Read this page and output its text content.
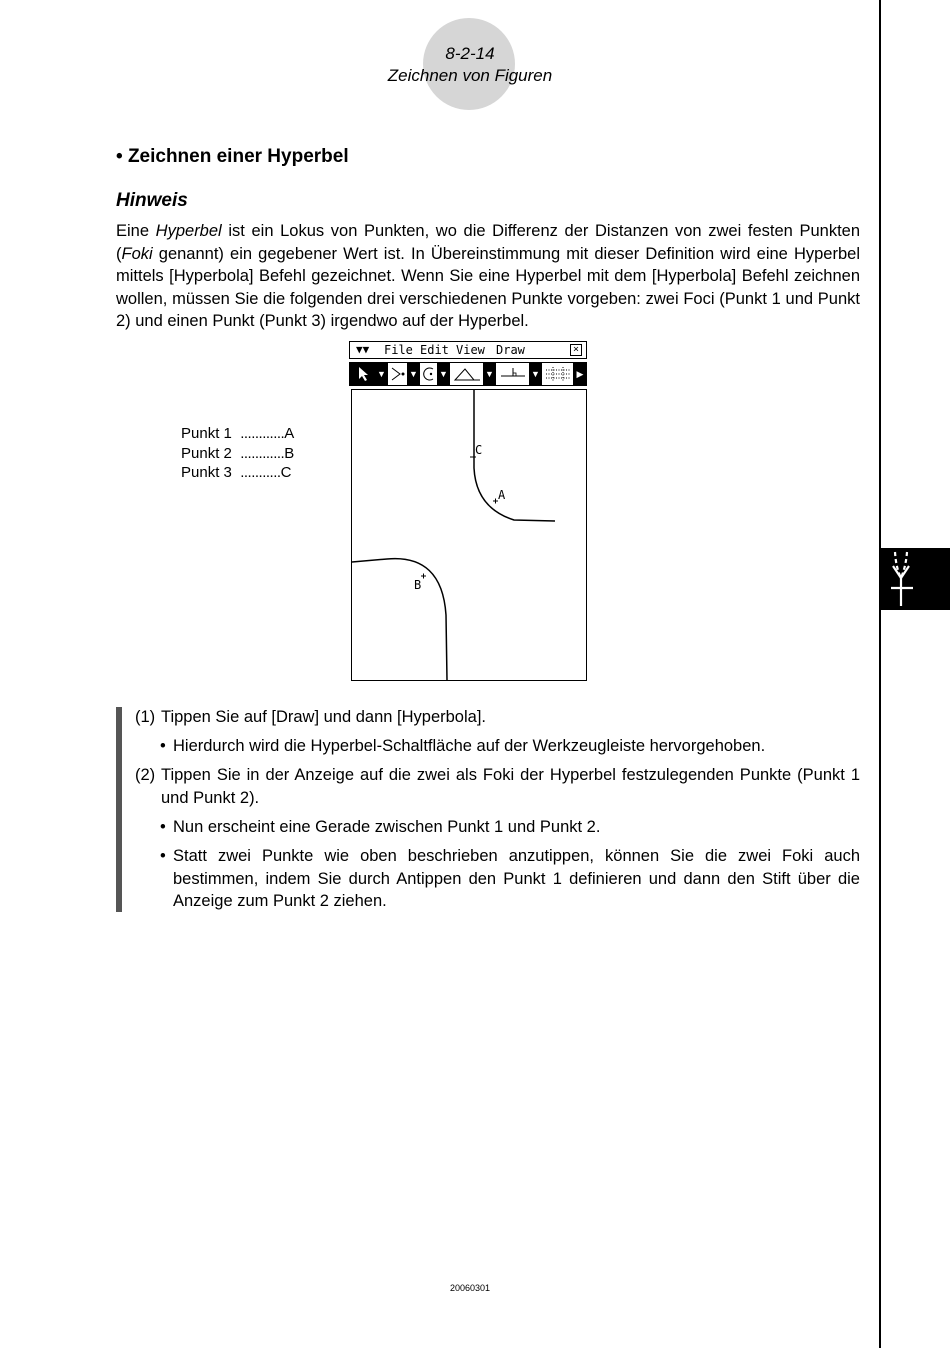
8-2-14
Zeichnen von Figuren
• Zeichnen einer Hyperbel
Hinweis
Eine Hyperbel ist ein Lokus von Punkten, wo die Differenz der Distanzen von zwei festen Punkten (Foki genannt) ein gegebener Wert ist. In Übereinstimmung mit dieser Definition wird eine Hyperbel mittels [Hyperbola] Befehl gezeichnet. Wenn Sie eine Hyperbel mit dem [Hyperbola] Befehl zeichnen wollen, müssen Sie die folgenden drei verschiedenen Punkte vorgeben: zwei Foci (Punkt 1 und Punkt 2) und einen Punkt (Punkt 3) irgendwo auf der Hyperbel.
Punkt 1 ............A
Punkt 2 ............B
Punkt 3 ...........C
▼▼ File Edit View Draw	×
▼	▼ ▼	▼	▼	▶
C
A
B
(1) Tippen Sie auf [Draw] und dann [Hyperbola].
• Hierdurch wird die Hyperbel-Schaltfläche auf der Werkzeugleiste hervorgehoben.
(2) Tippen Sie in der Anzeige auf die zwei als Foki der Hyperbel festzulegenden Punkte (Punkt 1 und Punkt 2).
• Nun erscheint eine Gerade zwischen Punkt 1 und Punkt 2.
• Statt zwei Punkte wie oben beschrieben anzutippen, können Sie die zwei Foki auch bestimmen, indem Sie durch Antippen den Punkt 1 definieren und dann den Stift über die Anzeige zum Punkt 2 ziehen.
20060301
